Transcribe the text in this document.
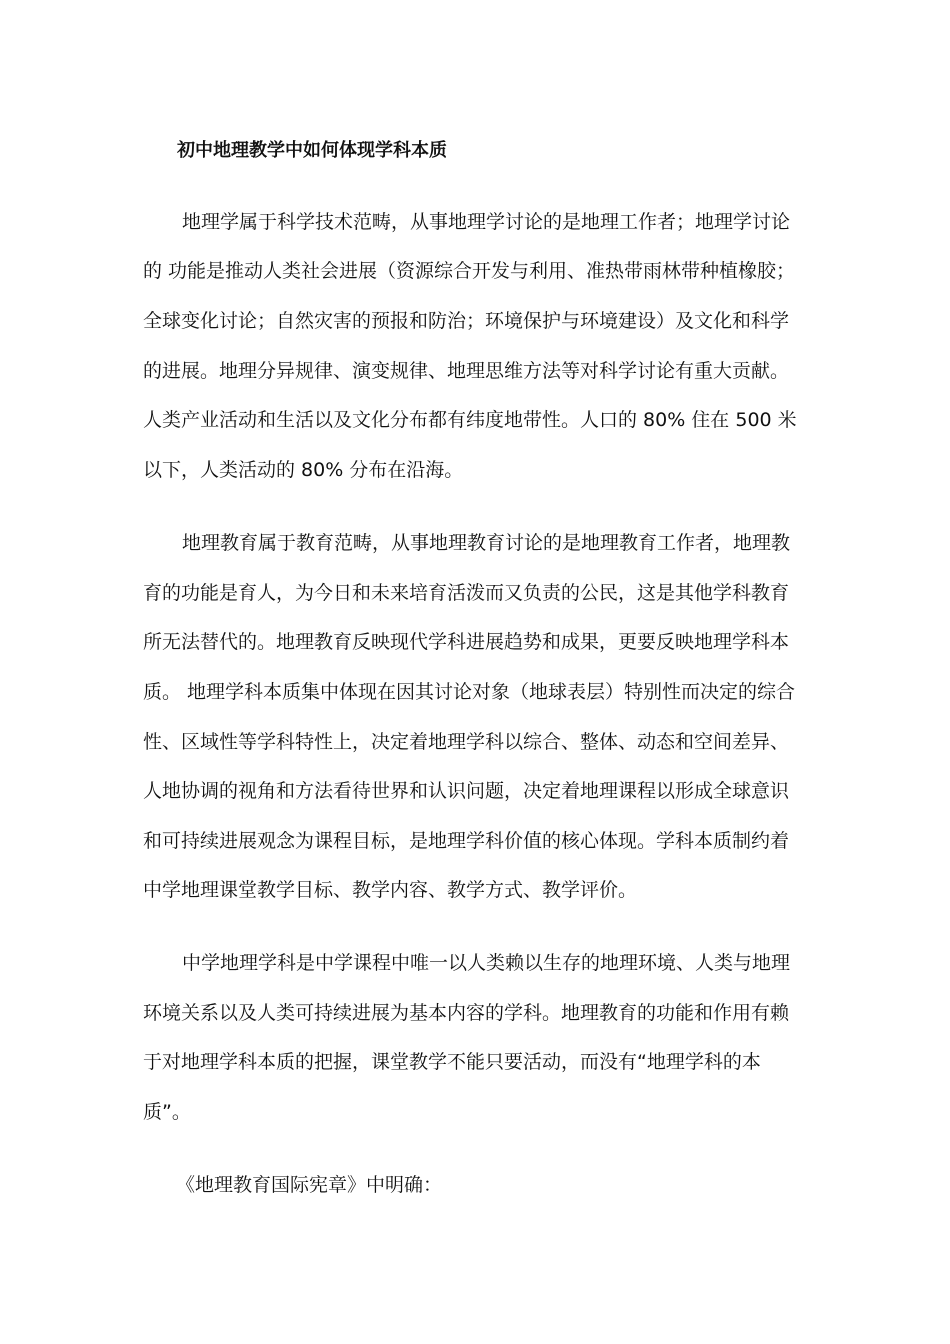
初中地理教学中如何体现学科本质
地理学属于科学技术范畴，从事地理学讨论的是地理工作者；地理学讨论
的 功能是推动人类社会进展（资源综合开发与利用、准热带雨林带种植橡胶；
全球变化讨论；自然灾害的预报和防治；环境保护与环境建设）及文化和科学
的进展。地理分异规律、演变规律、地理思维方法等对科学讨论有重大贡献。
人类产业活动和生活以及文化分布都有纬度地带性。人口的 80% 住在 500 米
以下，人类活动的 80% 分布在沿海。
地理教育属于教育范畴，从事地理教育讨论的是地理教育工作者，地理教
育的功能是育人，为今日和未来培育活泼而又负责的公民，这是其他学科教育
所无法替代的。地理教育反映现代学科进展趋势和成果，更要反映地理学科本
质。 地理学科本质集中体现在因其讨论对象（地球表层）特别性而决定的综合
性、区域性等学科特性上，决定着地理学科以综合、整体、动态和空间差异、
人地协调的视角和方法看待世界和认识问题，决定着地理课程以形成全球意识
和可持续进展观念为课程目标，是地理学科价值的核心体现。学科本质制约着
中学地理课堂教学目标、教学内容、教学方式、教学评价。
中学地理学科是中学课程中唯一以人类赖以生存的地理环境、人类与地理
环境关系以及人类可持续进展为基本内容的学科。地理教育的功能和作用有赖
于对地理学科本质的把握，课堂教学不能只要活动，而没有“地理学科的本
质”。
《地理教育国际宪章》中明确：
